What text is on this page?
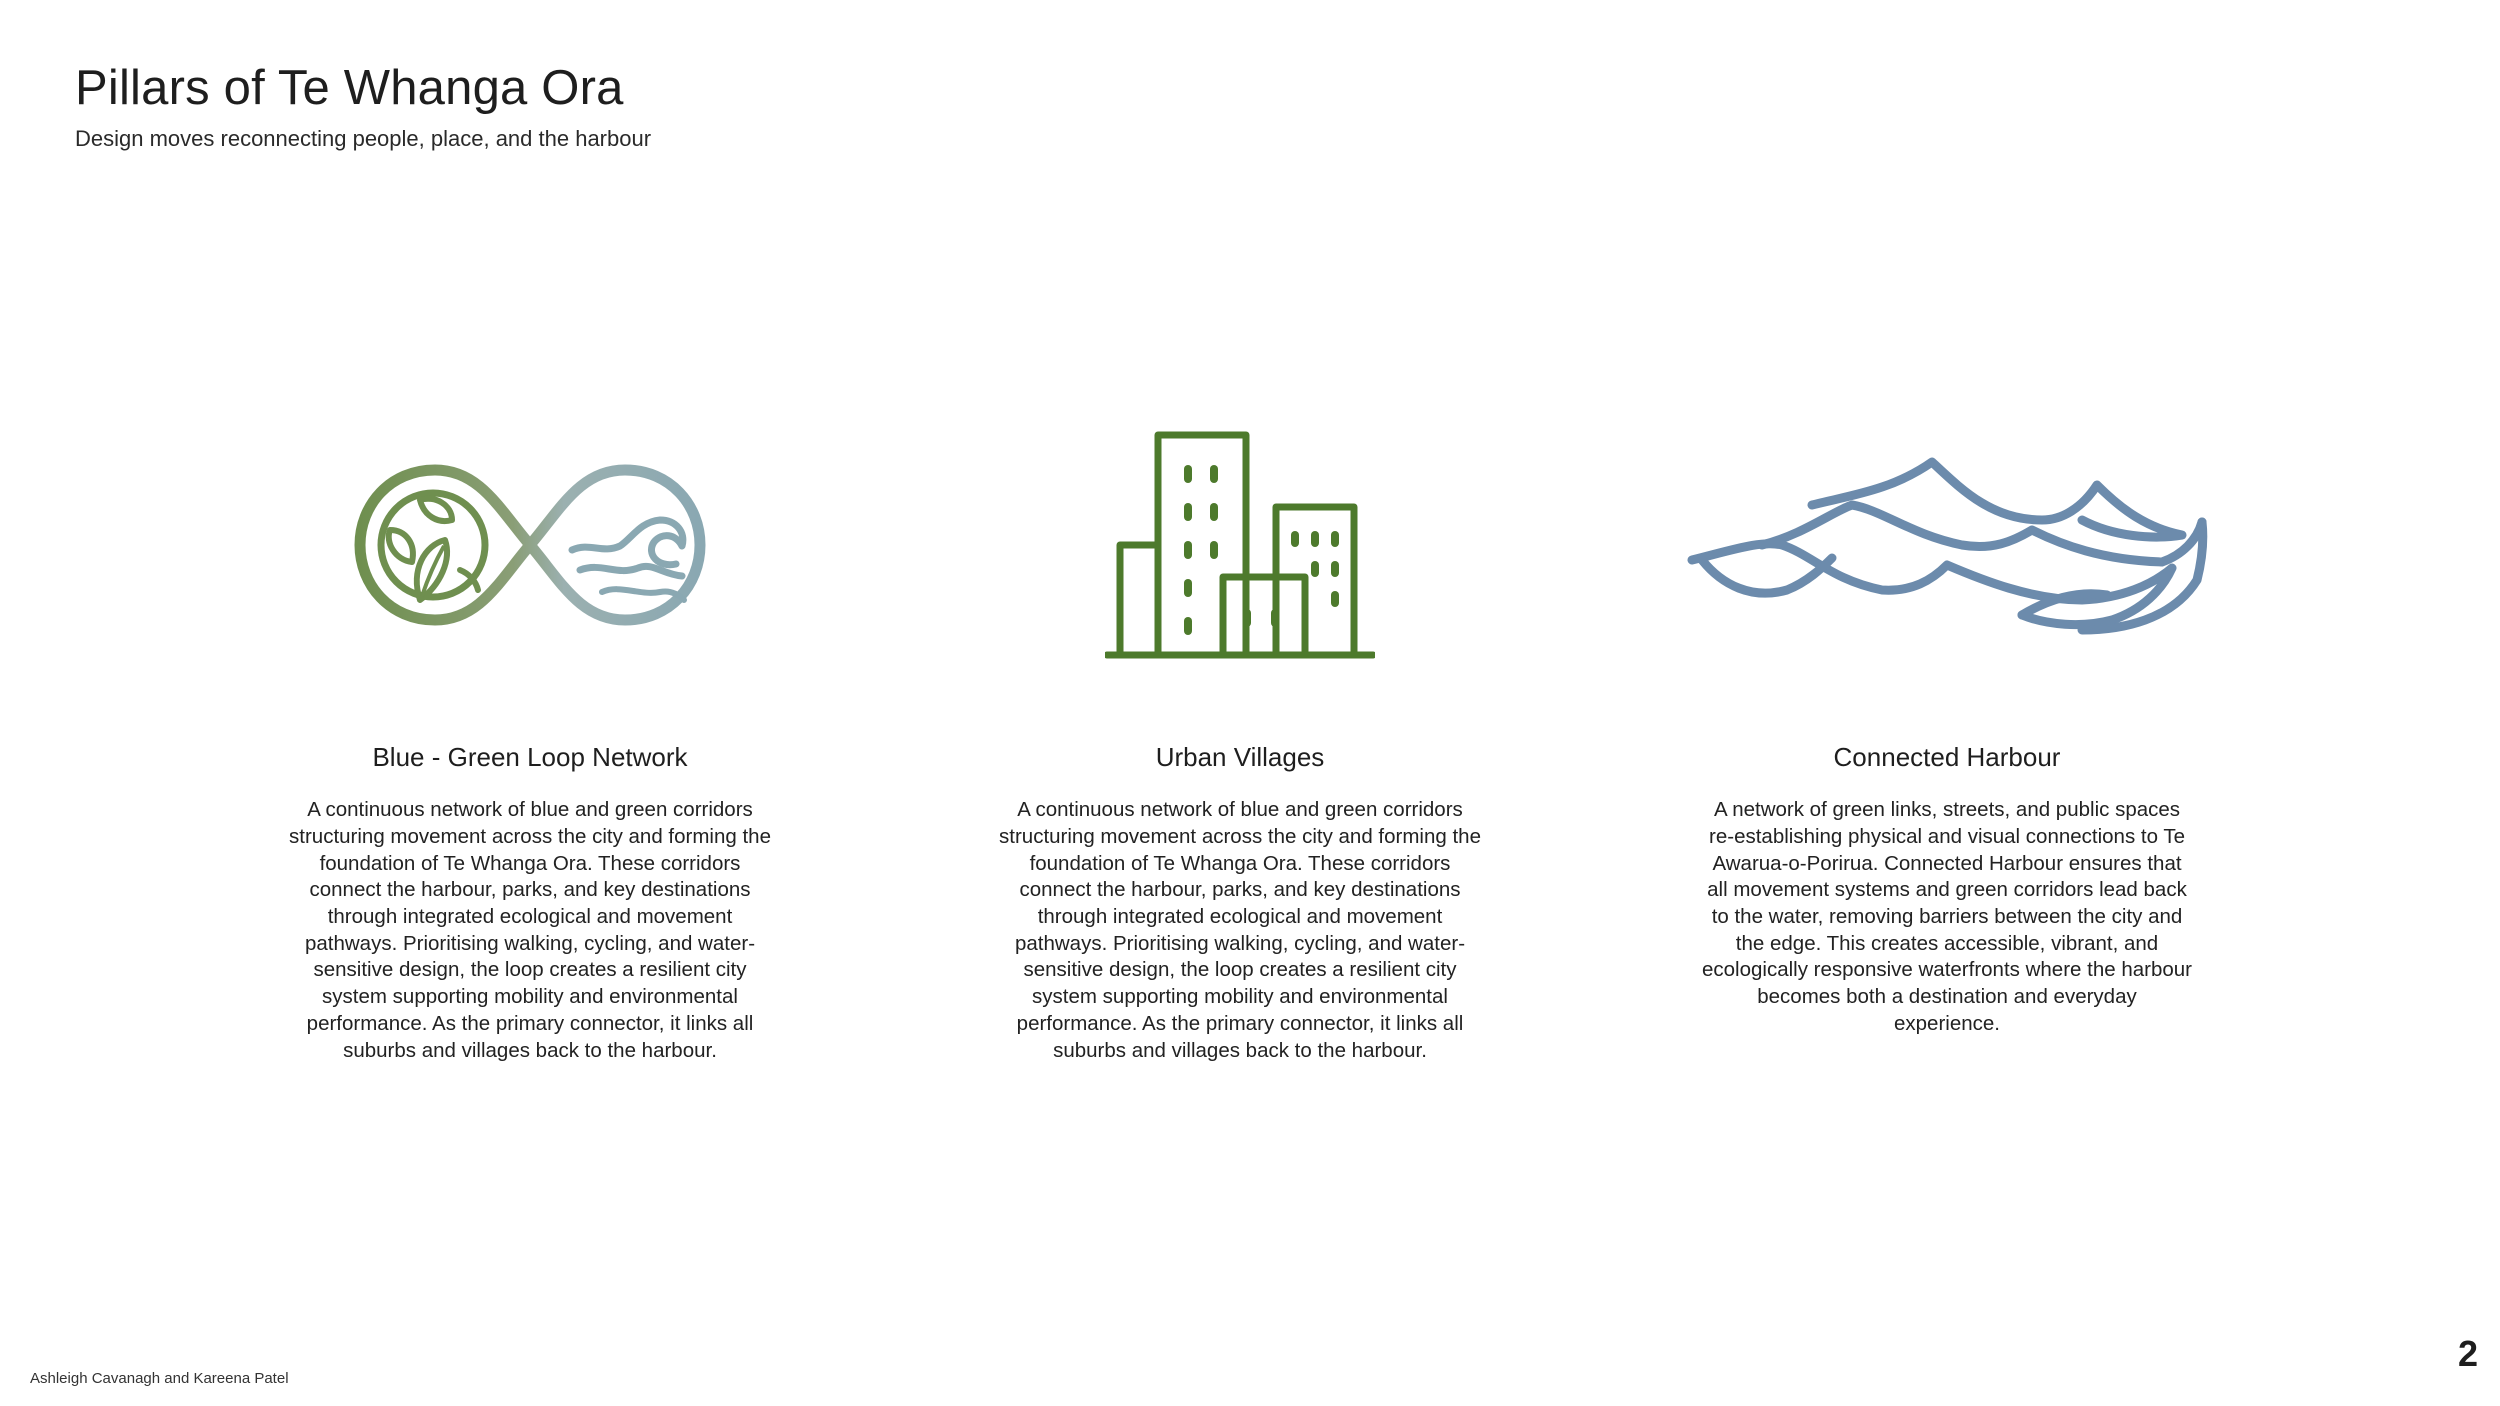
Pillars of Te Whanga Ora
Design moves reconnecting people, place, and the harbour
Blue - Green Loop Network
A continuous network of blue and green corridors structuring movement across the city and forming the foundation of Te Whanga Ora. These corridors connect the harbour, parks, and key destinations through integrated ecological and movement pathways. Prioritising walking, cycling, and water-sensitive design, the loop creates a resilient city system supporting mobility and environmental performance. As the primary connector, it links all suburbs and villages back to the harbour.
Urban Villages
A continuous network of blue and green corridors structuring movement across the city and forming the foundation of Te Whanga Ora. These corridors connect the harbour, parks, and key destinations through integrated ecological and movement pathways. Prioritising walking, cycling, and water-sensitive design, the loop creates a resilient city system supporting mobility and environmental performance. As the primary connector, it links all suburbs and villages back to the harbour.
Connected Harbour
A network of green links, streets, and public spaces re-establishing physical and visual connections to Te Awarua-o-Porirua. Connected Harbour ensures that all movement systems and green corridors lead back to the water, removing barriers between the city and the edge. This creates accessible, vibrant, and ecologically responsive waterfronts where the harbour becomes both a destination and everyday experience.
Ashleigh Cavanagh and Kareena Patel
2
